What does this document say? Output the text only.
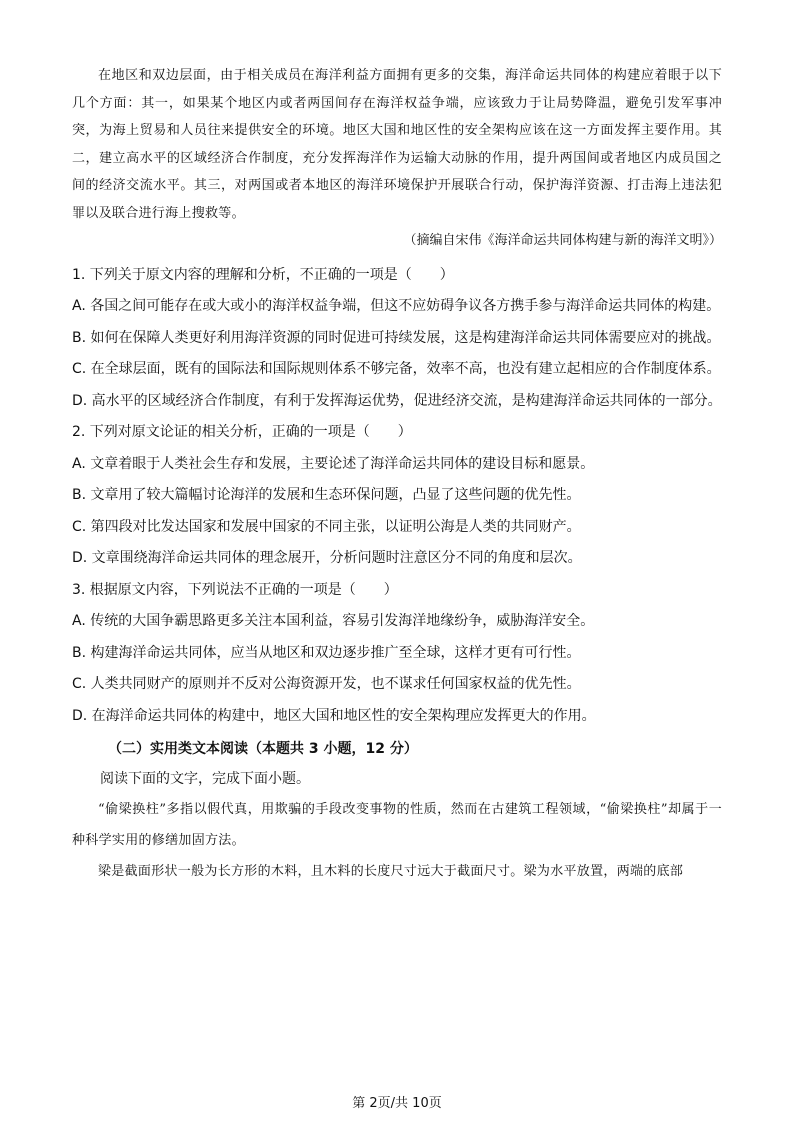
在地区和双边层面，由于相关成员在海洋利益方面拥有更多的交集，海洋命运共同体的构建应着眼于以下几个方面：其一，如果某个地区内或者两国间存在海洋权益争端，应该致力于让局势降温，避免引发军事冲突，为海上贸易和人员往来提供安全的环境。地区大国和地区性的安全架构应该在这一方面发挥主要作用。其二，建立高水平的区域经济合作制度，充分发挥海洋作为运输大动脉的作用，提升两国间或者地区内成员国之间的经济交流水平。其三，对两国或者本地区的海洋环境保护开展联合行动，保护海洋资源、打击海上违法犯罪以及联合进行海上搜救等。

（摘编自宋伟《海洋命运共同体构建与新的海洋文明》）

1. 下列关于原文内容的理解和分析，不正确的一项是（　　）

A. 各国之间可能存在或大或小的海洋权益争端，但这不应妨碍争议各方携手参与海洋命运共同体的构建。

B. 如何在保障人类更好利用海洋资源的同时促进可持续发展，这是构建海洋命运共同体需要应对的挑战。

C. 在全球层面，既有的国际法和国际规则体系不够完备，效率不高，也没有建立起相应的合作制度体系。

D. 高水平的区域经济合作制度，有利于发挥海运优势，促进经济交流，是构建海洋命运共同体的一部分。

2. 下列对原文论证的相关分析，正确的一项是（　　）

A. 文章着眼于人类社会生存和发展，主要论述了海洋命运共同体的建设目标和愿景。

B. 文章用了较大篇幅讨论海洋的发展和生态环保问题，凸显了这些问题的优先性。

C. 第四段对比发达国家和发展中国家的不同主张，以证明公海是人类的共同财产。

D. 文章围绕海洋命运共同体的理念展开，分析问题时注意区分不同的角度和层次。

3. 根据原文内容，下列说法不正确的一项是（　　）

A. 传统的大国争霸思路更多关注本国利益，容易引发海洋地缘纷争，威胁海洋安全。

B. 构建海洋命运共同体，应当从地区和双边逐步推广至全球，这样才更有可行性。

C. 人类共同财产的原则并不反对公海资源开发，也不谋求任何国家权益的优先性。

D. 在海洋命运共同体的构建中，地区大国和地区性的安全架构理应发挥更大的作用。

（二）实用类文本阅读（本题共 3 小题，12 分）

阅读下面的文字，完成下面小题。

“偷梁换柱”多指以假代真，用欺骗的手段改变事物的性质，然而在古建筑工程领域，“偷梁换柱”却属于一种科学实用的修缮加固方法。

梁是截面形状一般为长方形的木料，且木料的长度尺寸远大于截面尺寸。梁为水平放置，两端的底部

第 2页/共 10页
